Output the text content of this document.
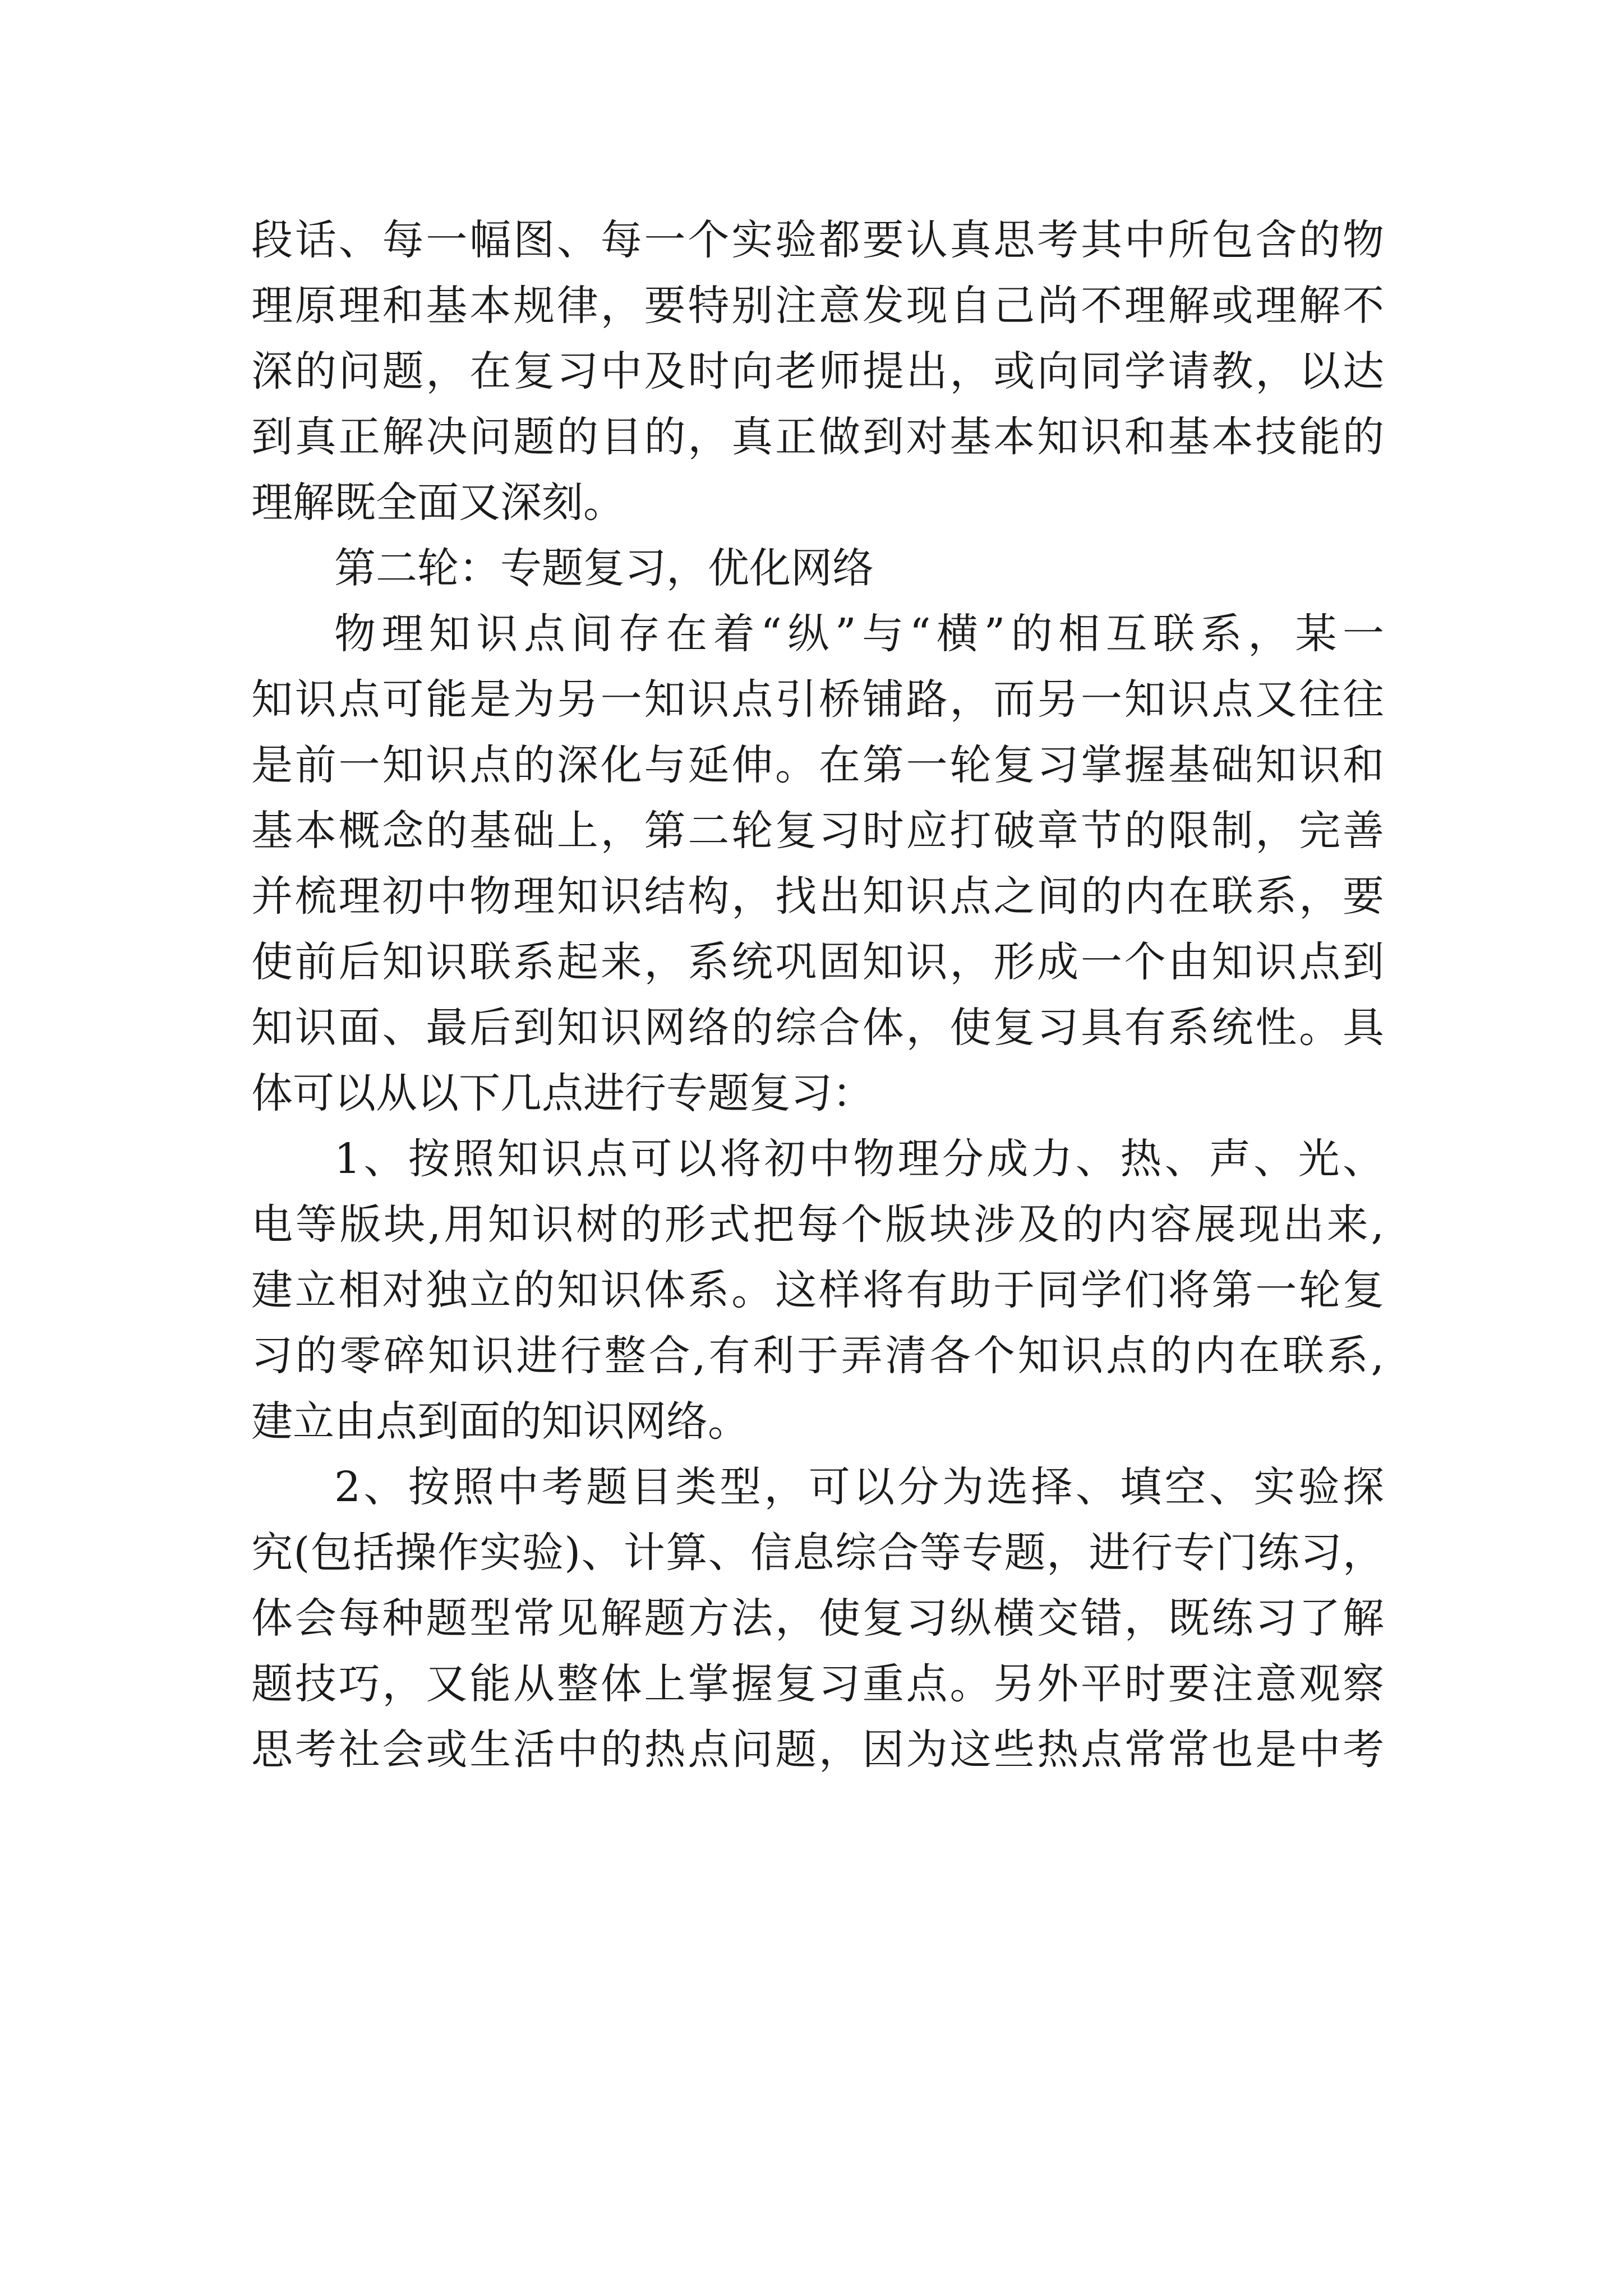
段话、每一幅图、每一个实验都要认真思考其中所包含的物
理原理和基本规律，要特别注意发现自己尚不理解或理解不
深的问题，在复习中及时向老师提出，或向同学请教，以达
到真正解决问题的目的，真正做到对基本知识和基本技能的
理解既全面又深刻。
第二轮：专题复习，优化网络
物理知识点间存在着“纵”与“横”的相互联系，某一
知识点可能是为另一知识点引桥铺路，而另一知识点又往往
是前一知识点的深化与延伸。在第一轮复习掌握基础知识和
基本概念的基础上，第二轮复习时应打破章节的限制，完善
并梳理初中物理知识结构，找出知识点之间的内在联系，要
使前后知识联系起来，系统巩固知识，形成一个由知识点到
知识面、最后到知识网络的综合体，使复习具有系统性。具
体可以从以下几点进行专题复习：
1、按照知识点可以将初中物理分成力、热、声、光、
电等版块,用知识树的形式把每个版块涉及的内容展现出来,
建立相对独立的知识体系。这样将有助于同学们将第一轮复
习的零碎知识进行整合,有利于弄清各个知识点的内在联系,
建立由点到面的知识网络。
2、按照中考题目类型，可以分为选择、填空、实验探
究(包括操作实验)、计算、信息综合等专题，进行专门练习，
体会每种题型常见解题方法，使复习纵横交错，既练习了解
题技巧，又能从整体上掌握复习重点。另外平时要注意观察
思考社会或生活中的热点问题，因为这些热点常常也是中考
